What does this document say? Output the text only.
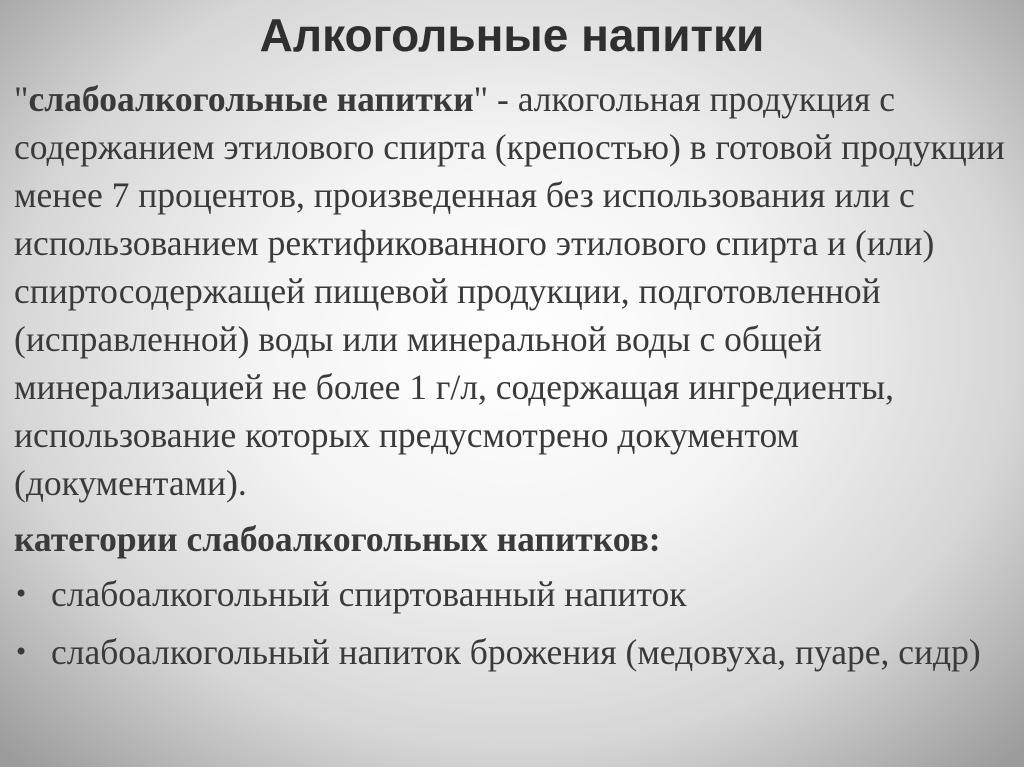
Алкогольные напитки

"слабоалкогольные напитки" - алкогольная продукция с содержанием этилового спирта (крепостью) в готовой продукции менее 7 процентов, произведенная без использования или с использованием ректификованного этилового спирта и (или) спиртосодержащей пищевой продукции, подготовленной (исправленной) воды или минеральной воды с общей минерализацией не более 1 г/л, содержащая ингредиенты, использование которых предусмотрено документом (документами).

категории слабоалкогольных напитков:

• слабоалкогольный спиртованный напиток
• слабоалкогольный напиток брожения (медовуха, пуаре, сидр)
